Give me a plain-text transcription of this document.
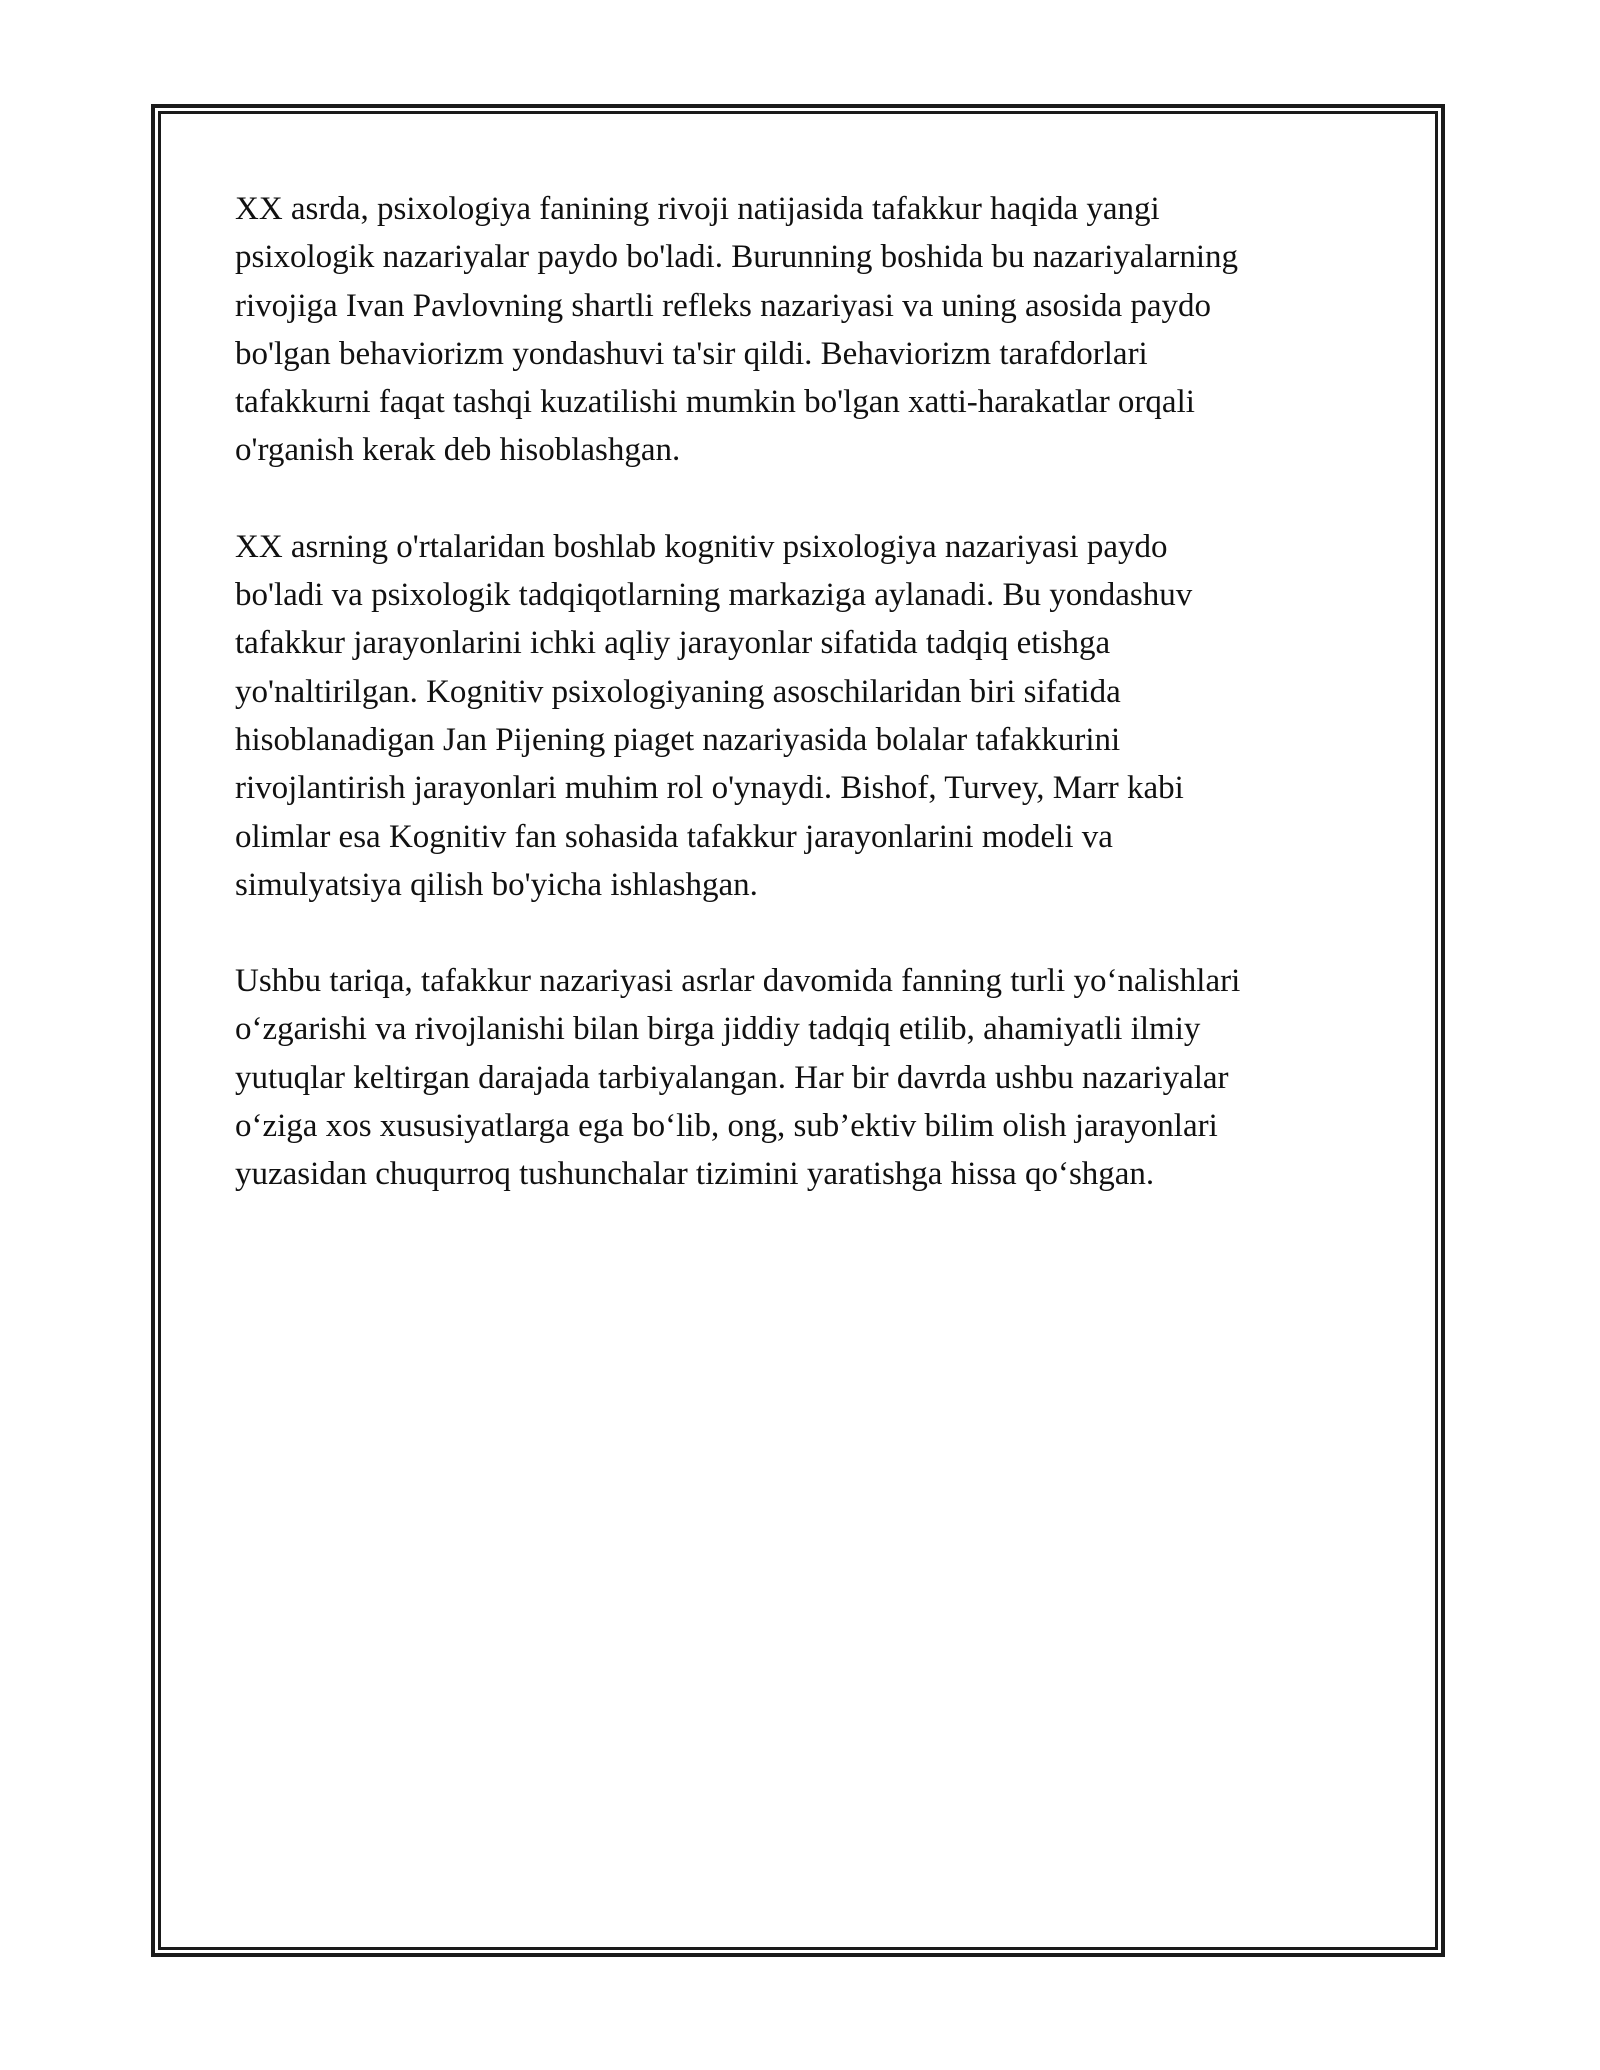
XX asrda, psixologiya fanining rivoji natijasida tafakkur haqida yangi
psixologik nazariyalar paydo bo'ladi. Burunning boshida bu nazariyalarning
rivojiga Ivan Pavlovning shartli refleks nazariyasi va uning asosida paydo
bo'lgan behaviorizm yondashuvi ta'sir qildi. Behaviorizm tarafdorlari
tafakkurni faqat tashqi kuzatilishi mumkin bo'lgan xatti-harakatlar orqali
o'rganish kerak deb hisoblashgan.

XX asrning o'rtalaridan boshlab kognitiv psixologiya nazariyasi paydo
bo'ladi va psixologik tadqiqotlarning markaziga aylanadi. Bu yondashuv
tafakkur jarayonlarini ichki aqliy jarayonlar sifatida tadqiq etishga
yo'naltirilgan. Kognitiv psixologiyaning asoschilaridan biri sifatida
hisoblanadigan Jan Pijening piaget nazariyasida bolalar tafakkurini
rivojlantirish jarayonlari muhim rol o'ynaydi. Bishof, Turvey, Marr kabi
olimlar esa Kognitiv fan sohasida tafakkur jarayonlarini modeli va
simulyatsiya qilish bo'yicha ishlashgan.

Ushbu tariqa, tafakkur nazariyasi asrlar davomida fanning turli yo‘nalishlari
o‘zgarishi va rivojlanishi bilan birga jiddiy tadqiq etilib, ahamiyatli ilmiy
yutuqlar keltirgan darajada tarbiyalangan. Har bir davrda ushbu nazariyalar
o‘ziga xos xususiyatlarga ega bo‘lib, ong, sub’ektiv bilim olish jarayonlari
yuzasidan chuqurroq tushunchalar tizimini yaratishga hissa qo‘shgan.
